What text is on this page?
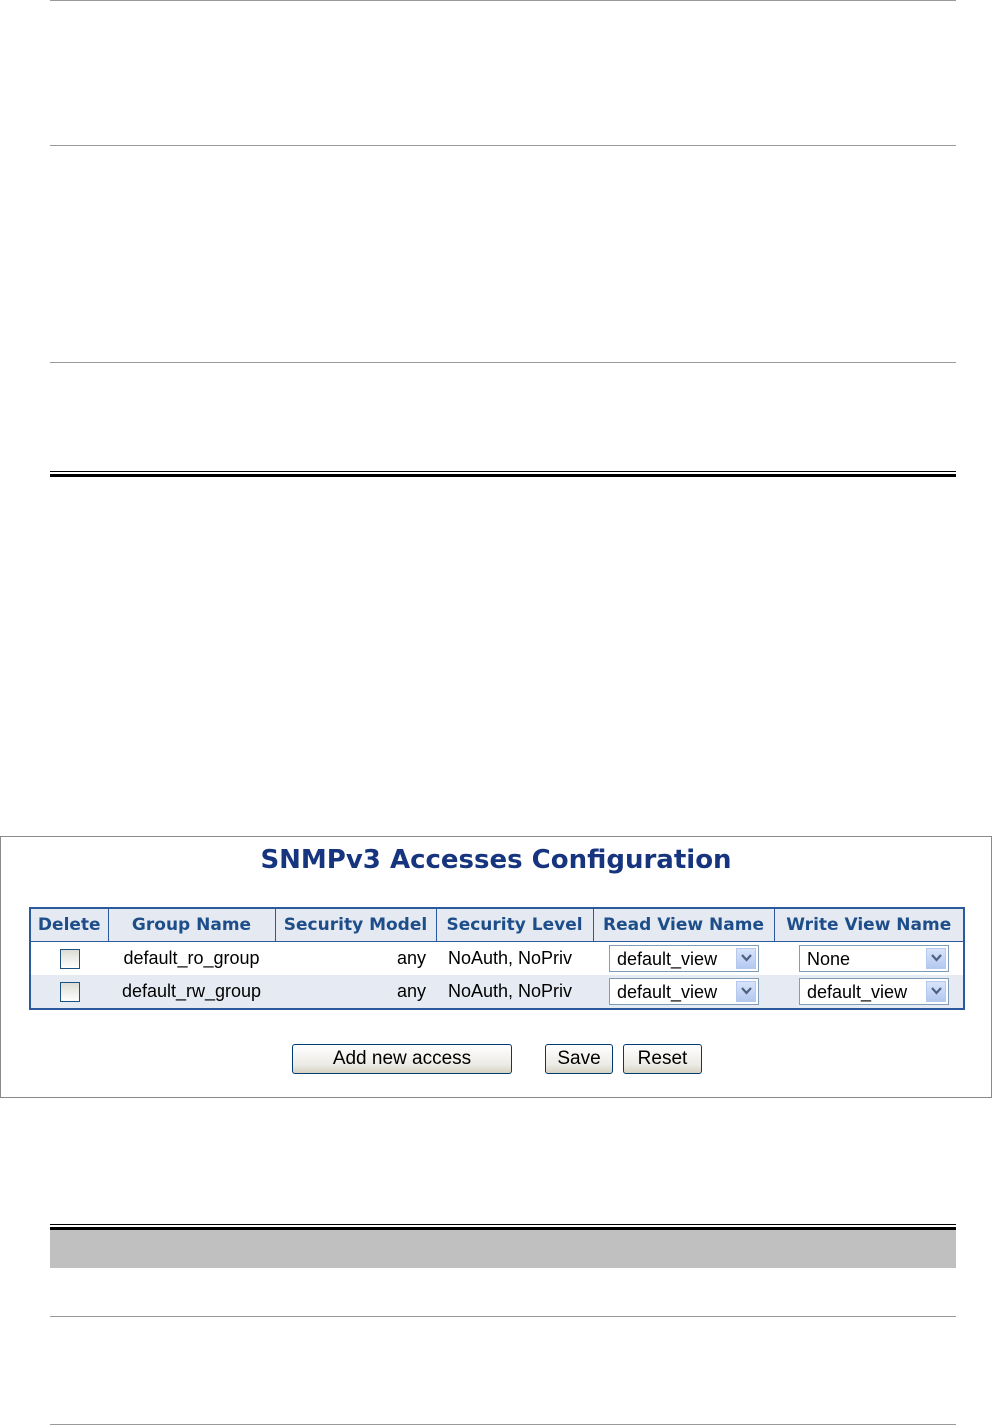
SNMPv3 Accesses Configuration
Delete	Group Name	Security Model	Security Level	Read View Name	Write View Name
	default_ro_group	any	NoAuth, NoPriv	default_view	None

	default_rw_group	any	NoAuth, NoPriv	default_view	default_view
Add new access	Save	Reset
